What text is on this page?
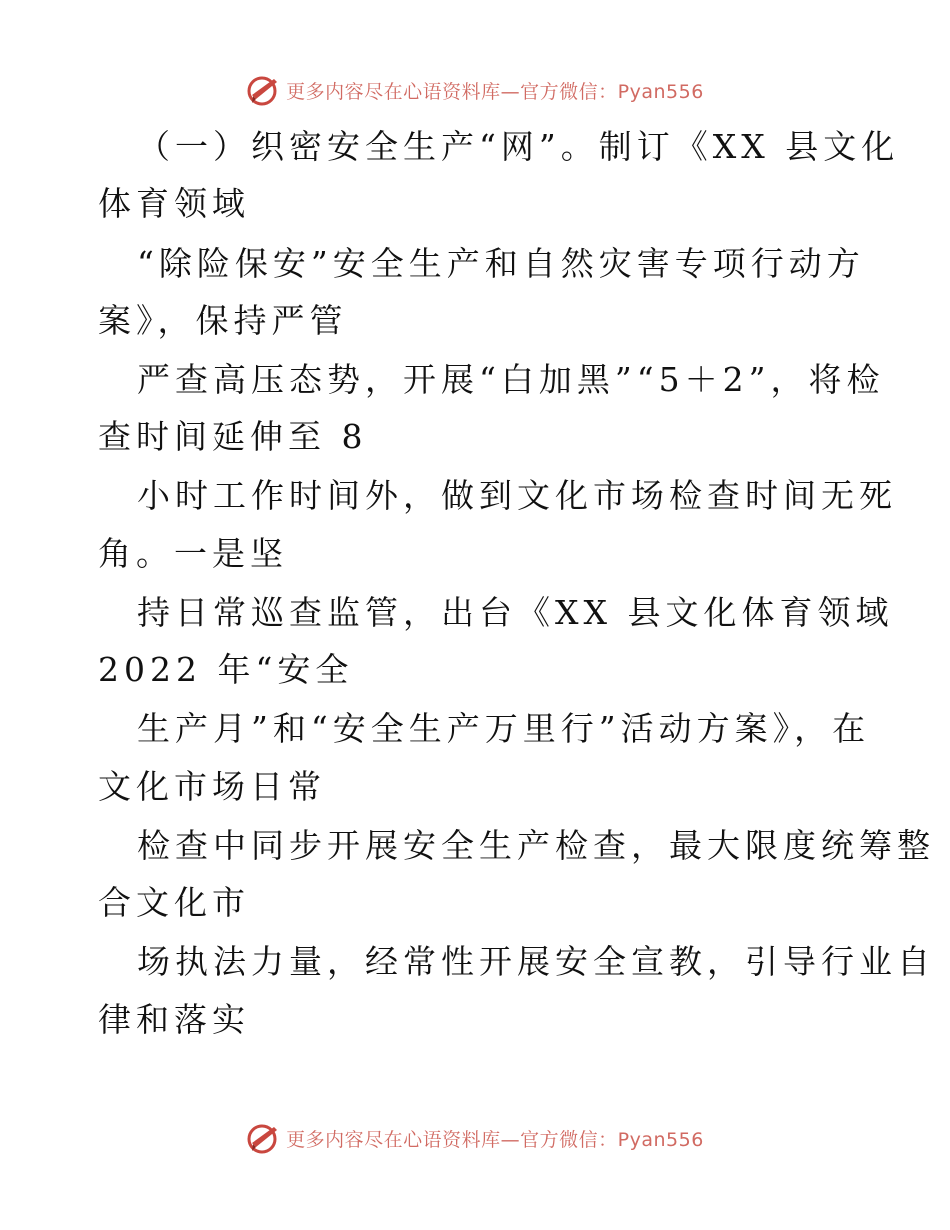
更多内容尽在心语资料库—官方微信：Pyan556
（一）织密安全生产“网”。制订《XX 县文化
体育领域
“除险保安”安全生产和自然灾害专项行动方
案》，保持严管
严查高压态势，开展“白加黑”“5＋2”，将检
查时间延伸至 8
小时工作时间外，做到文化市场检查时间无死
角。一是坚
持日常巡查监管，出台《XX 县文化体育领域
2022 年“安全
生产月”和“安全生产万里行”活动方案》，在
文化市场日常
检查中同步开展安全生产检查，最大限度统筹整
合文化市
场执法力量，经常性开展安全宣教，引导行业自
律和落实
更多内容尽在心语资料库—官方微信：Pyan556
